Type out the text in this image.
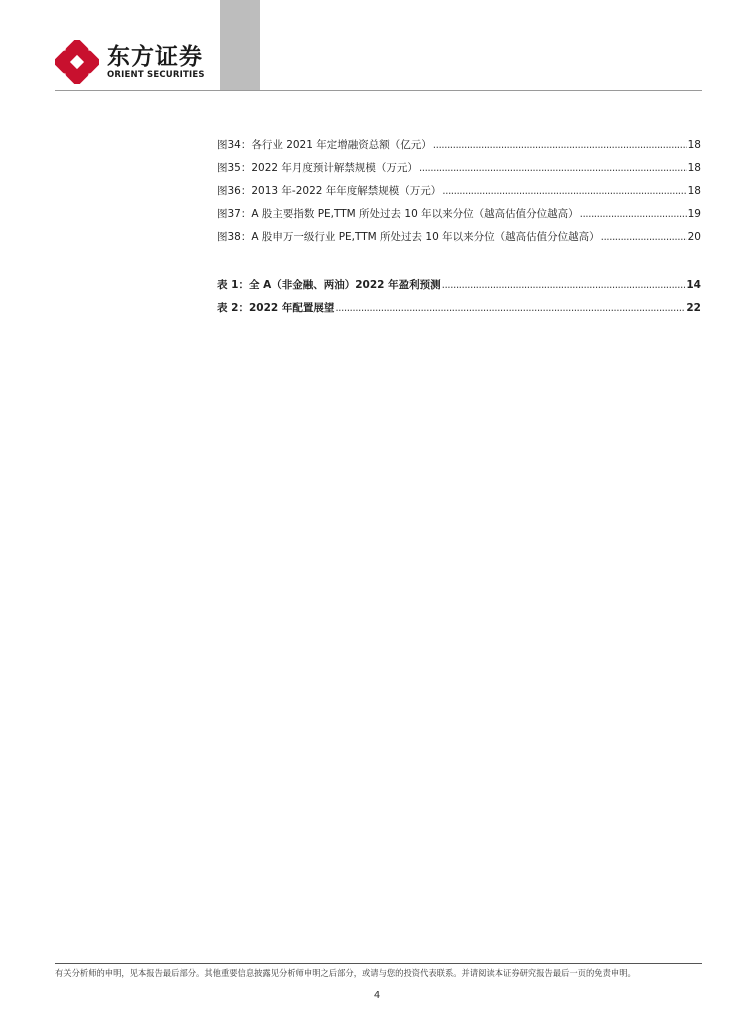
东方证券
ORIENT SECURITIES
图34：各行业 2021 年定增融资总额（亿元） .....	18
图35：2022 年月度预计解禁规模（万元） .....	18
图36：2013 年-2022 年年度解禁规模（万元） .....	18
图37：A 股主要指数 PE,TTM 所处过去 10 年以来分位（越高估值分位越高） .....	19
图38：A 股申万一级行业 PE,TTM 所处过去 10 年以来分位（越高估值分位越高） .....	20
表 1：全 A（非金融、两油）2022 年盈利预测 .....	14
表 2：2022 年配置展望 .....	22
有关分析师的申明，见本报告最后部分。其他重要信息披露见分析师申明之后部分，或请与您的投资代表联系。并请阅读本证券研究报告最后一页的免责申明。
4
